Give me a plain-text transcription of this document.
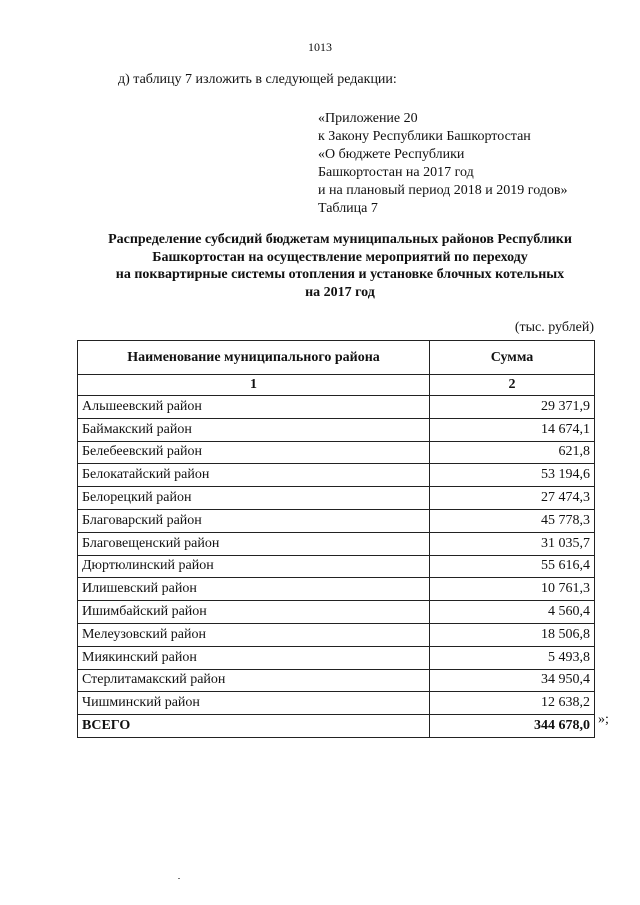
1013
д) таблицу 7 изложить в следующей редакции:
«Приложение 20
к Закону Республики Башкортостан
«О бюджете Республики
Башкортостан на 2017 год
и на плановый период 2018 и 2019 годов»
Таблица 7
Распределение субсидий бюджетам муниципальных районов Республики
Башкортостан на осуществление мероприятий по переходу
на поквартирные системы отопления и установке блочных котельных
на 2017 год
(тыс. рублей)
Наименование муниципального района	Сумма
1	2
Альшеевский район	29 371,9
Баймакский район	14 674,1
Белебеевский район	621,8
Белокатайский район	53 194,6
Белорецкий район	27 474,3
Благоварский район	45 778,3
Благовещенский район	31 035,7
Дюртюлинский район	55 616,4
Илишевский район	10 761,3
Ишимбайский район	4 560,4
Мелеузовский район	18 506,8
Миякинский район	5 493,8
Стерлитамакский район	34 950,4
Чишминский район	12 638,2
ВСЕГО	344 678,0 »;
